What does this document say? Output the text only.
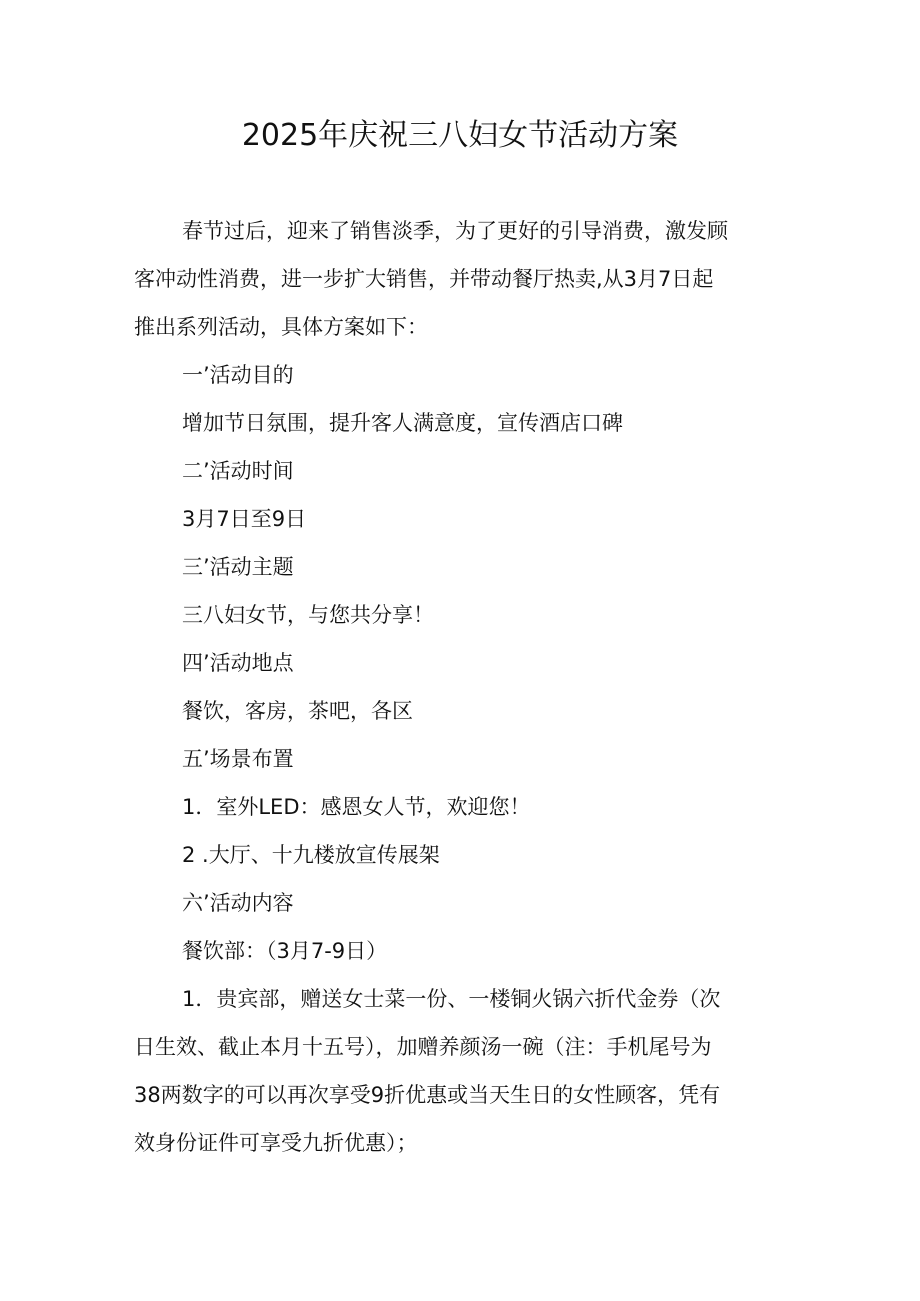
2025年庆祝三八妇女节活动方案

春节过后，迎来了销售淡季，为了更好的引导消费，激发顾

客冲动性消费，进一步扩大销售，并带动餐厅热卖,从3月7日起

推出系列活动，具体方案如下：

一’活动目的

增加节日氛围，提升客人满意度，宣传酒店口碑

二’活动时间

3月7日至9日

三’活动主题

三八妇女节，与您共分享！

四’活动地点

餐饮，客房，茶吧，各区

五’场景布置

1．室外LED：感恩女人节，欢迎您！

2 .大厅、十九楼放宣传展架

六’活动内容

餐饮部：（3月7-9日）

1．贵宾部，赠送女士菜一份、一楼铜火锅六折代金券（次

日生效、截止本月十五号），加赠养颜汤一碗（注：手机尾号为

38两数字的可以再次享受9折优惠或当天生日的女性顾客，凭有

效身份证件可享受九折优惠）；
